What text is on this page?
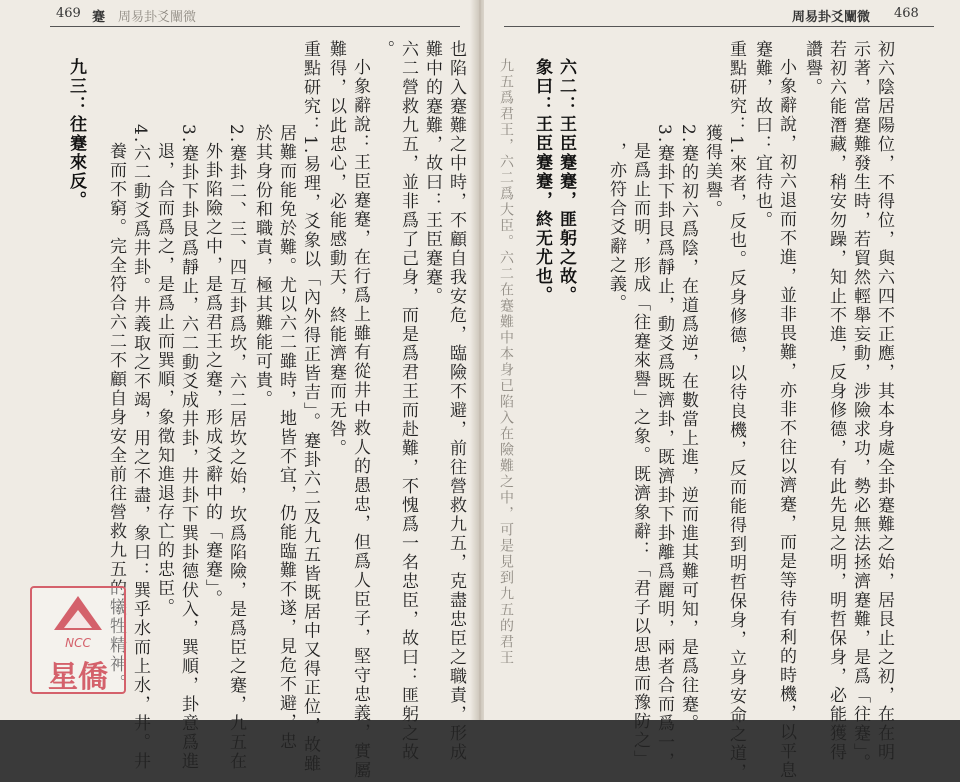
469 蹇 周易卦爻闡微
也陷入蹇難之中時，不顧自我安危，臨險不避，前往營救九五，克盡忠臣之職責，形成
難中的蹇難，故曰：王臣蹇蹇。
六二營救九五，並非爲了己身，而是爲君王而赴難，不愧爲一名忠臣，故曰：匪躬之故
。
小象辭說：王臣蹇蹇，在行爲上雖有從井中救人的愚忠，但爲人臣子，堅守忠義，實屬
難得，以此忠心，必能感動天，終能濟蹇而无咎。
重點研究：1.易理，爻象以「內外得正皆吉」。蹇卦六二及九五皆既居中又得正位，故雖
居難而能免於難。尤以六二雖時，地皆不宜，仍能臨難不遂，見危不避，忠
於其身份和職責，極其難能可貴。
2.蹇卦二、三、四互卦爲坎，六二居坎之始，坎爲陷險，是爲臣之蹇，九五在
外卦陷險之中，是爲君王之蹇，形成爻辭中的「蹇蹇」。
3.蹇卦下卦艮爲靜止，六二動爻成井卦，井卦下巽卦德伏入，巽順，卦意爲進
退，合而爲之，是爲止而巽順，象徵知進退存亡的忠臣。
4.六二動爻爲井卦。井義取之不竭，用之不盡，象曰：巽乎水而上水，井。井
養而不窮。完全符合六二不顧自身安全前往營救九五的犧牲精神。
九三：往蹇來反。
周易卦爻闡微 468
初六陰居陽位，不得位，與六四不正應，其本身處全卦蹇難之始，居艮止之初，在在明
示著，當蹇難發生時，若貿然輕舉妄動，涉險求功，勢必無法拯濟蹇難，是爲「往蹇」。
若初六能潛藏，稍安勿躁，知止不進，反身修德，有此先見之明，明哲保身，必能獲得
讚譽。
小象辭說，初六退而不進，並非畏難，亦非不往以濟蹇，而是等待有利的時機，以平息
蹇難，故曰：宜待也。
重點研究：1.來者，反也。反身修德，以待良機，反而能得到明哲保身，立身安命之道，
獲得美譽。
2.蹇的初六爲陰，在道爲逆，在數當上進，逆而進其難可知，是爲往蹇。
3.蹇卦下卦艮爲靜止，動爻爲既濟卦，既濟卦下卦離爲麗明，兩者合而爲一，
是爲止而明，形成「往蹇來譽」之象。既濟象辭：「君子以思患而豫防之」
，亦符合爻辭之義。
六二：王臣蹇蹇，匪躬之故。
象曰：王臣蹇蹇，終无尤也。
九五爲君王，六二爲大臣。六二在蹇難中本身已陷入在險難之中，可是見到九五的君王
NCC
星僑
